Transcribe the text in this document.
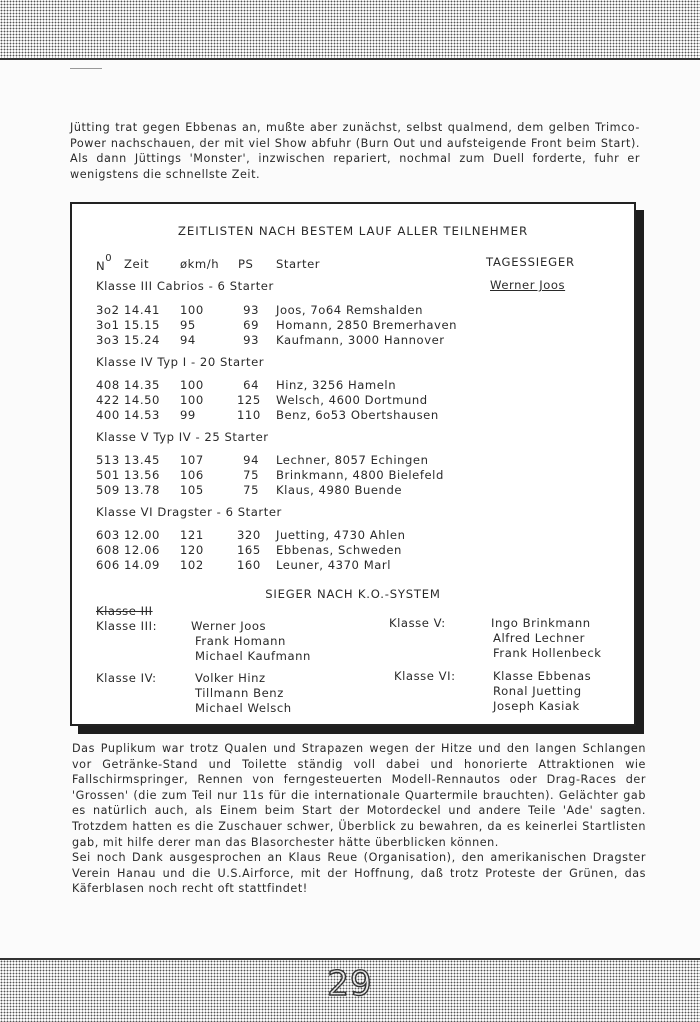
Jütting trat gegen Ebbenas an, mußte aber zunächst, selbst qualmend, dem gelben Trimco-Power nachschauen, der mit viel Show abfuhr (Burn Out und aufsteigende Front beim Start). Als dann Jüttings 'Monster', inzwischen repariert, nochmal zum Duell forderte, fuhr er wenigstens die schnellste Zeit.

ZEITLISTEN NACH BESTEM LAUF ALLER TEILNEHMER
$N^0$ Zeit	økm/h PS Starter	TAGESSIEGER
Werner Joos
Klasse III Cabrios - 6 Starter
3o2 14.41 100	93 Joos, 7o64 Remshalden
3o1 15.15 95	69 Homann, 2850 Bremerhaven
3o3 15.24 94	93 Kaufmann, 3000 Hannover
Klasse IV Typ I - 20 Starter
408 14.35 100	64 Hinz, 3256 Hameln
422 14.50 100	125 Welsch, 4600 Dortmund
400 14.53 99	110 Benz, 6o53 Obertshausen
Klasse V Typ IV - 25 Starter
513 13.45 107	94 Lechner, 8057 Echingen
501 13.56 106	75 Brinkmann, 4800 Bielefeld
509 13.78 105	75 Klaus, 4980 Buende
Klasse VI Dragster - 6 Starter
603 12.00 121	320 Juetting, 4730 Ahlen
608 12.06 120	165 Ebbenas, Schweden
606 14.09 102	160 Leuner, 4370 Marl
SIEGER NACH K.O.-SYSTEM
Klasse III
Klasse III:	Werner Joos
Frank Homann
Michael Kaufmann
Klasse V:	Ingo Brinkmann
Alfred Lechner
Frank Hollenbeck
Klasse IV:	Volker Hinz
Tillmann Benz
Michael Welsch
Klasse VI:	Klasse Ebbenas
Ronal Juetting
Joseph Kasiak
Das Puplikum war trotz Qualen und Strapazen wegen der Hitze und den langen Schlangen vor Getränke-Stand und Toilette ständig voll dabei und honorierte Attraktionen wie Fallschirmspringer, Rennen von ferngesteuerten Modell-Rennautos oder Drag-Races der 'Grossen' (die zum Teil nur 11s für die internationale Quartermile brauchten). Gelächter gab es natürlich auch, als Einem beim Start der Motordeckel und andere Teile 'Ade' sagten. Trotzdem hatten es die Zuschauer schwer, Überblick zu bewahren, da es keinerlei Startlisten gab, mit hilfe derer man das Blasorchester hätte überblicken können.
Sei noch Dank ausgesprochen an Klaus Reue (Organisation), den amerikanischen Dragster Verein Hanau und die U.S.Airforce, mit der Hoffnung, daß trotz Proteste der Grünen, das Käferblasen noch recht oft stattfindet!
29
